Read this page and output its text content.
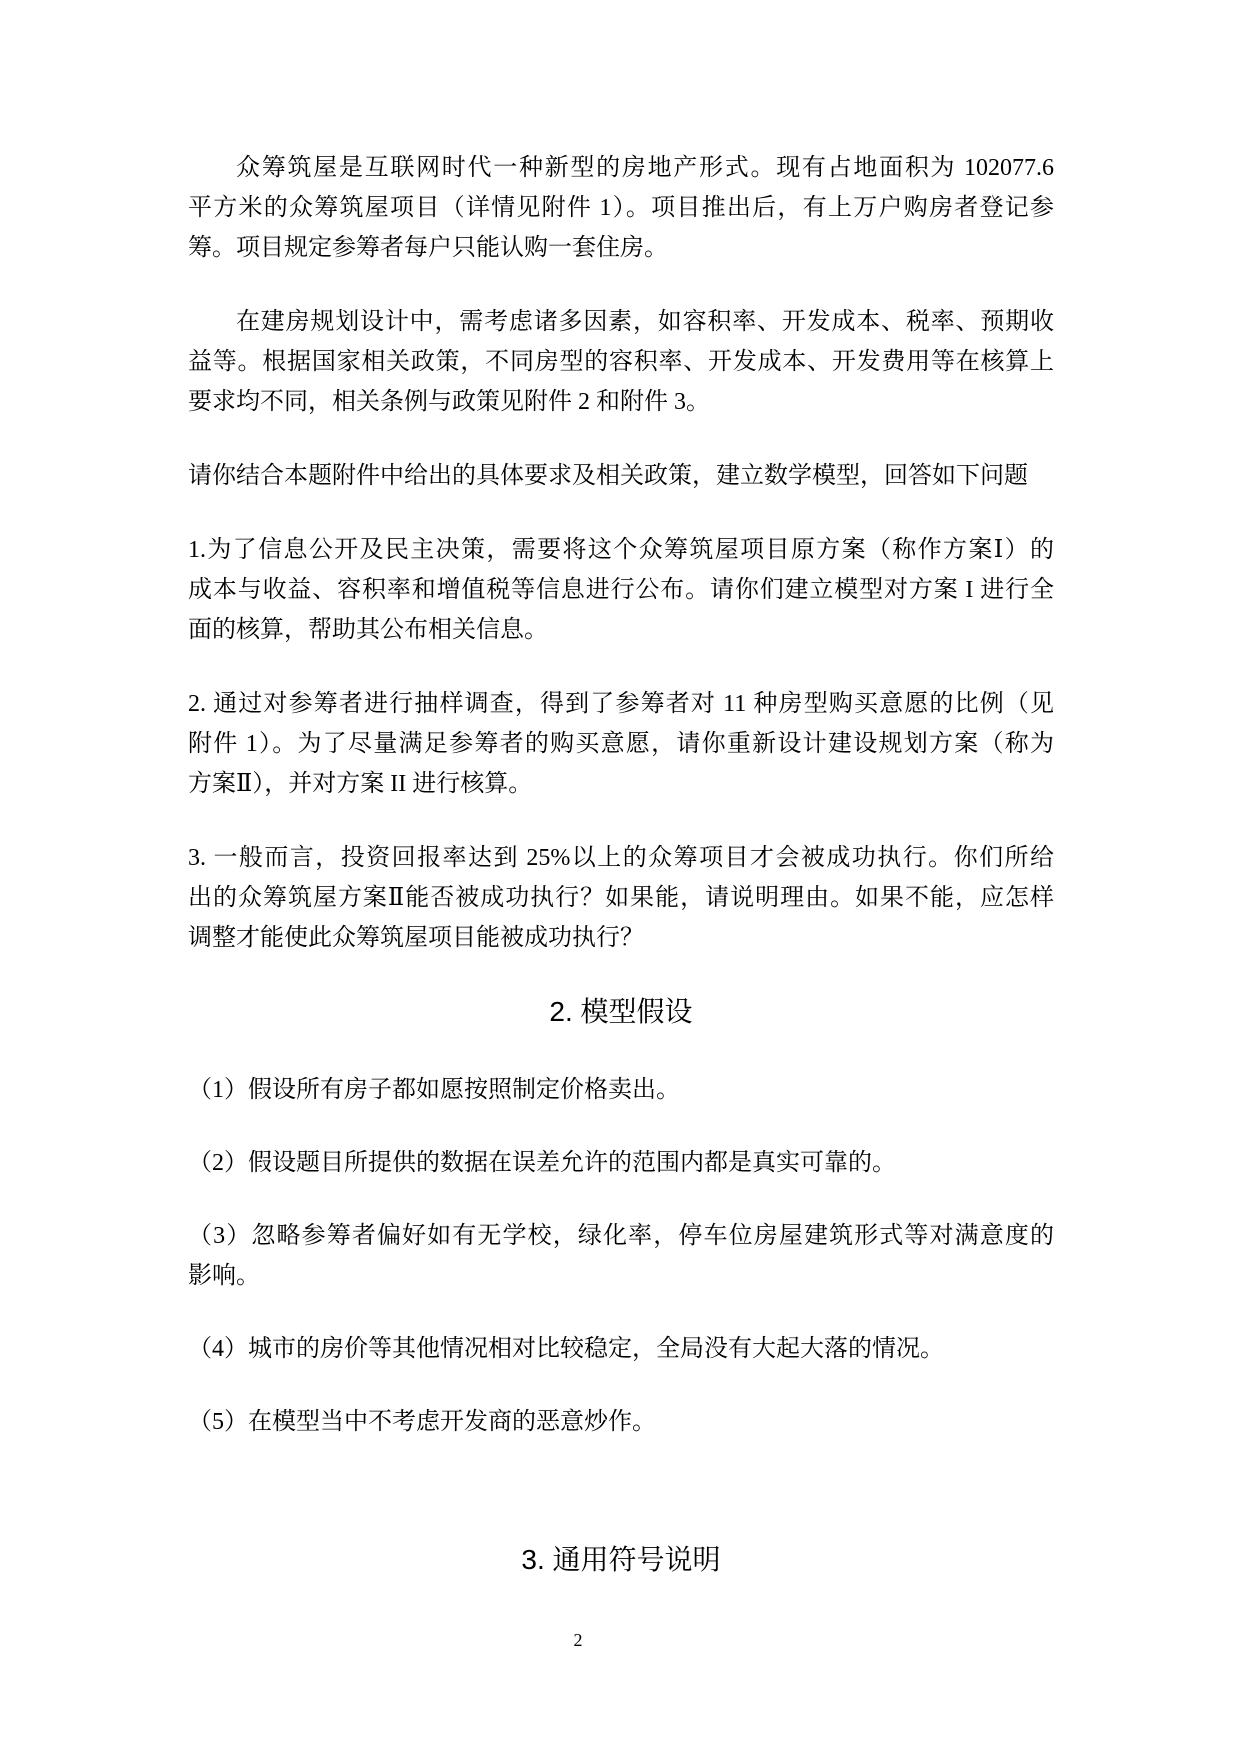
众筹筑屋是互联网时代一种新型的房地产形式。现有占地面积为 102077.6
平方米的众筹筑屋项目（详情见附件 1）。项目推出后，有上万户购房者登记参
筹。项目规定参筹者每户只能认购一套住房。
在建房规划设计中，需考虑诸多因素，如容积率、开发成本、税率、预期收
益等。根据国家相关政策，不同房型的容积率、开发成本、开发费用等在核算上
要求均不同，相关条例与政策见附件 2 和附件 3。
请你结合本题附件中给出的具体要求及相关政策，建立数学模型，回答如下问题
1.为了信息公开及民主决策，需要将这个众筹筑屋项目原方案（称作方案Ⅰ）的
成本与收益、容积率和增值税等信息进行公布。请你们建立模型对方案 I 进行全
面的核算，帮助其公布相关信息。
2. 通过对参筹者进行抽样调查，得到了参筹者对 11 种房型购买意愿的比例（见
附件 1）。为了尽量满足参筹者的购买意愿，请你重新设计建设规划方案（称为
方案Ⅱ），并对方案 II 进行核算。
3. 一般而言，投资回报率达到 25%以上的众筹项目才会被成功执行。你们所给
出的众筹筑屋方案Ⅱ能否被成功执行？如果能，请说明理由。如果不能，应怎样
调整才能使此众筹筑屋项目能被成功执行？
2. 模型假设
（1）假设所有房子都如愿按照制定价格卖出。
（2）假设题目所提供的数据在误差允许的范围内都是真实可靠的。
（3）忽略参筹者偏好如有无学校，绿化率，停车位房屋建筑形式等对满意度的
影响。
（4）城市的房价等其他情况相对比较稳定，全局没有大起大落的情况。
（5）在模型当中不考虑开发商的恶意炒作。
3. 通用符号说明
2
